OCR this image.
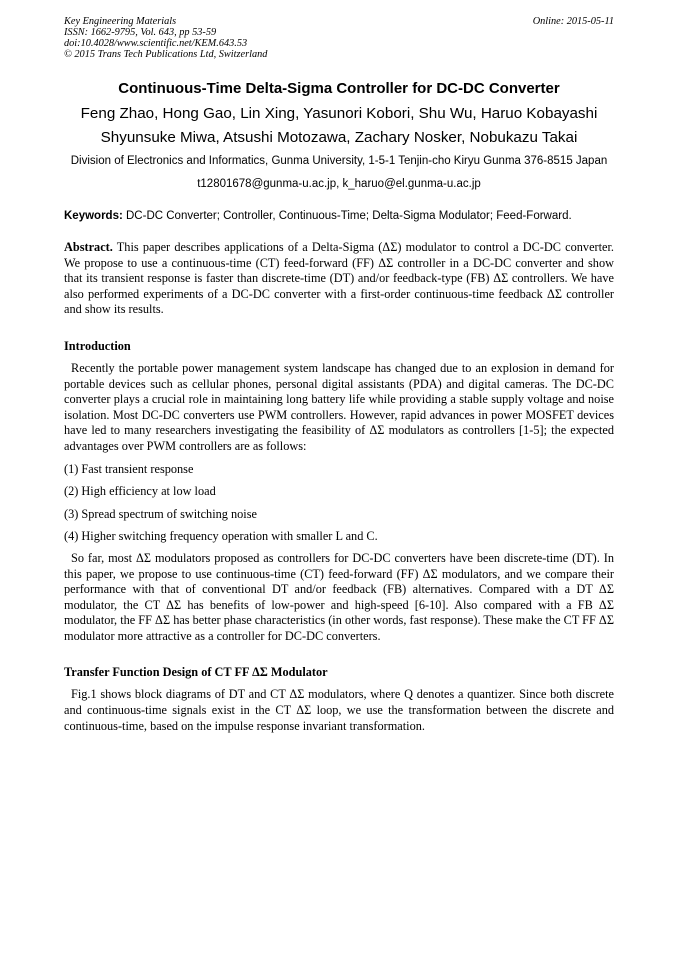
Key Engineering Materials
ISSN: 1662-9795, Vol. 643, pp 53-59
doi:10.4028/www.scientific.net/KEM.643.53
© 2015 Trans Tech Publications Ltd, Switzerland
Online: 2015-05-11
Continuous-Time Delta-Sigma Controller for DC-DC Converter
Feng Zhao, Hong Gao, Lin Xing, Yasunori Kobori, Shu Wu, Haruo Kobayashi
Shyunsuke Miwa, Atsushi Motozawa, Zachary Nosker, Nobukazu Takai
Division of Electronics and Informatics, Gunma University, 1-5-1 Tenjin-cho Kiryu Gunma 376-8515 Japan
t12801678@gunma-u.ac.jp, k_haruo@el.gunma-u.ac.jp
Keywords: DC-DC Converter; Controller, Continuous-Time; Delta-Sigma Modulator; Feed-Forward.
Abstract. This paper describes applications of a Delta-Sigma (ΔΣ) modulator to control a DC-DC converter. We propose to use a continuous-time (CT) feed-forward (FF) ΔΣ controller in a DC-DC converter and show that its transient response is faster than discrete-time (DT) and/or feedback-type (FB) ΔΣ controllers. We have also performed experiments of a DC-DC converter with a first-order continuous-time feedback ΔΣ controller and show its results.
Introduction

Recently the portable power management system landscape has changed due to an explosion in demand for portable devices such as cellular phones, personal digital assistants (PDA) and digital cameras. The DC-DC converter plays a crucial role in maintaining long battery life while providing a stable supply voltage and noise isolation. Most DC-DC converters use PWM controllers. However, rapid advances in power MOSFET devices have led to many researchers investigating the feasibility of ΔΣ modulators as controllers [1-5]; the expected advantages over PWM controllers are as follows:

(1) Fast transient response

(2) High efficiency at low load

(3) Spread spectrum of switching noise

(4) Higher switching frequency operation with smaller L and C.

So far, most ΔΣ modulators proposed as controllers for DC-DC converters have been discrete-time (DT). In this paper, we propose to use continuous-time (CT) feed-forward (FF) ΔΣ modulators, and we compare their performance with that of conventional DT and/or feedback (FB) alternatives. Compared with a DT ΔΣ modulator, the CT ΔΣ has benefits of low-power and high-speed [6-10]. Also compared with a FB ΔΣ modulator, the FF ΔΣ has better phase characteristics (in other words, fast response). These make the CT FF ΔΣ modulator more attractive as a controller for DC-DC converters.

Transfer Function Design of CT FF ΔΣ Modulator

Fig.1 shows block diagrams of DT and CT ΔΣ modulators, where Q denotes a quantizer. Since both discrete and continuous-time signals exist in the CT ΔΣ loop, we use the transformation between the discrete and continuous-time, based on the impulse response invariant transformation.
